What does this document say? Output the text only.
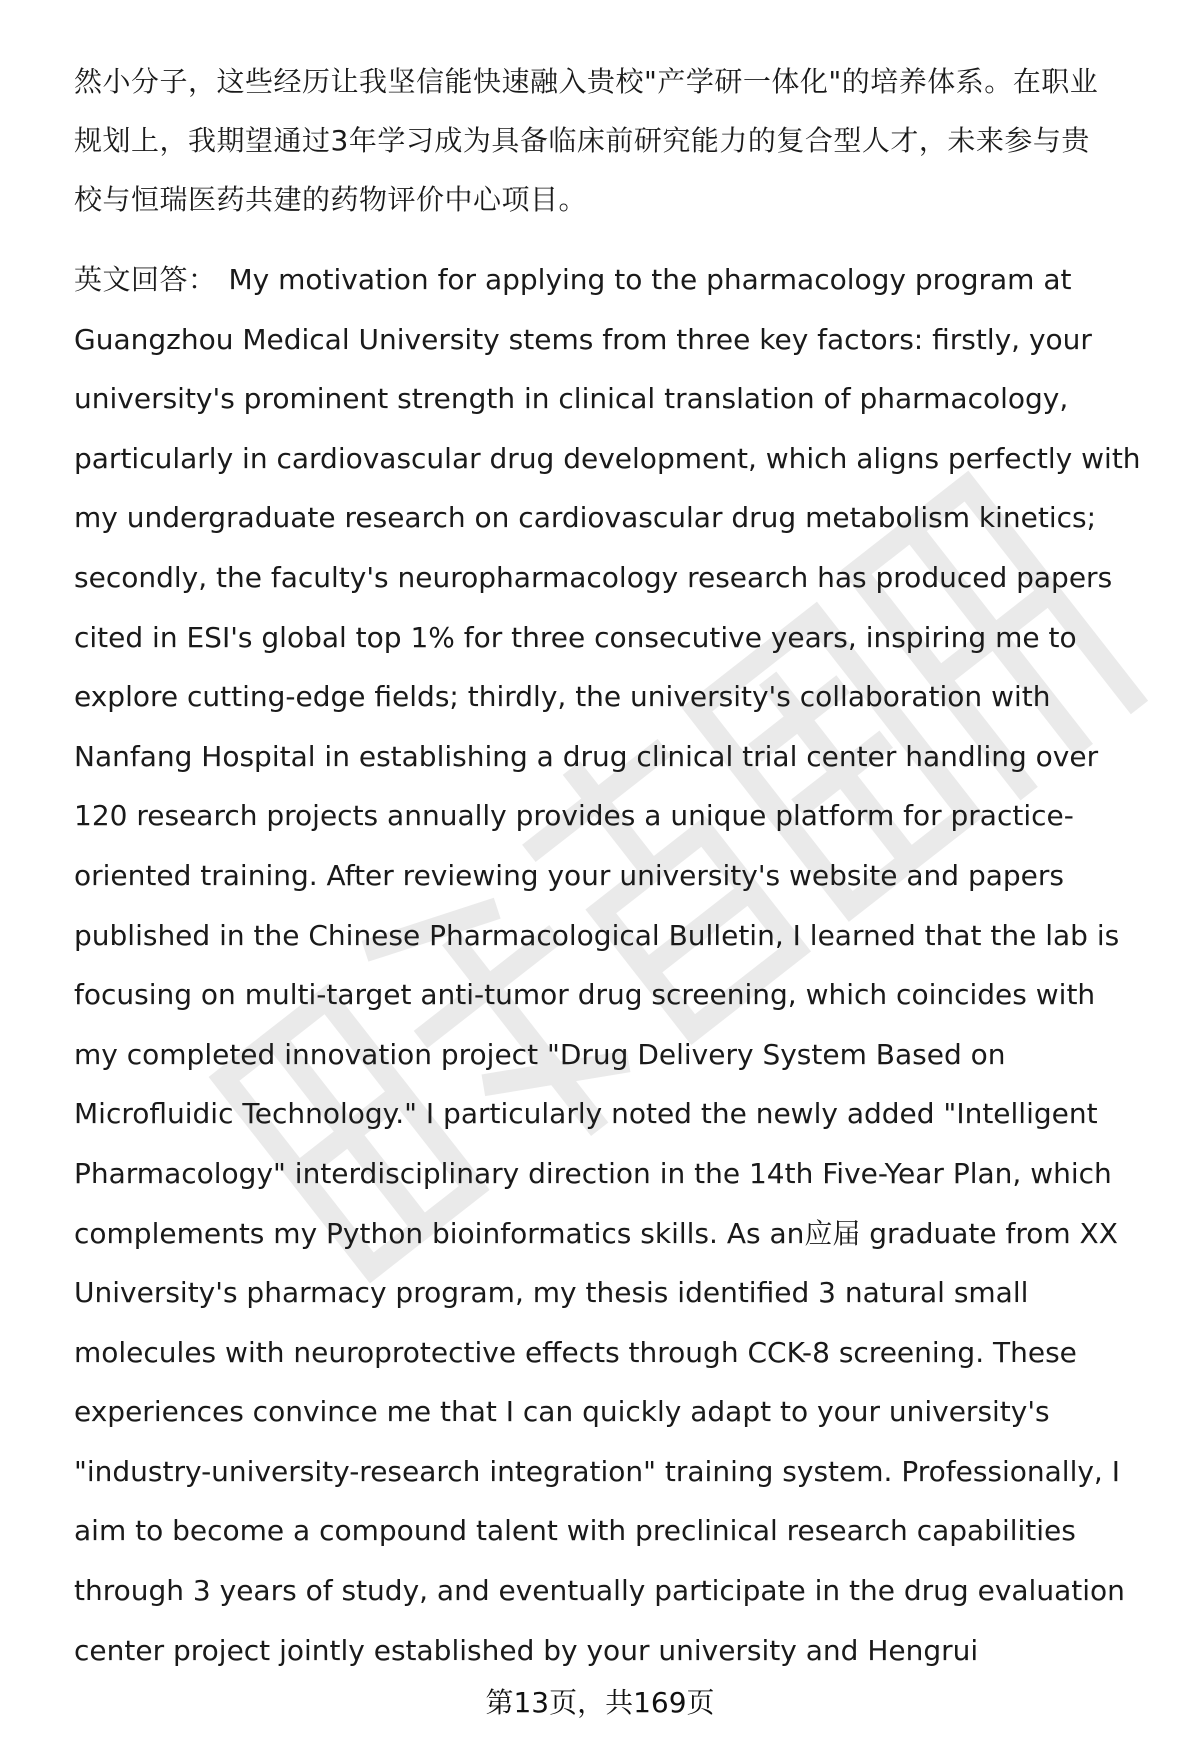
然小分子，这些经历让我坚信能快速融入贵校"产学研一体化"的培养体系。在职业
规划上，我期望通过3年学习成为具备临床前研究能力的复合型人才，未来参与贵
校与恒瑞医药共建的药物评价中心项目。

英文回答： My motivation for applying to the pharmacology program at
Guangzhou Medical University stems from three key factors: firstly, your
university's prominent strength in clinical translation of pharmacology,
particularly in cardiovascular drug development, which aligns perfectly with
my undergraduate research on cardiovascular drug metabolism kinetics;
secondly, the faculty's neuropharmacology research has produced papers
cited in ESI's global top 1% for three consecutive years, inspiring me to
explore cutting-edge fields; thirdly, the university's collaboration with
Nanfang Hospital in establishing a drug clinical trial center handling over
120 research projects annually provides a unique platform for practice-
oriented training. After reviewing your university's website and papers
published in the Chinese Pharmacological Bulletin, I learned that the lab is
focusing on multi-target anti-tumor drug screening, which coincides with
my completed innovation project "Drug Delivery System Based on
Microfluidic Technology." I particularly noted the newly added "Intelligent
Pharmacology" interdisciplinary direction in the 14th Five-Year Plan, which
complements my Python bioinformatics skills. As an应届 graduate from XX
University's pharmacy program, my thesis identified 3 natural small
molecules with neuroprotective effects through CCK-8 screening. These
experiences convince me that I can quickly adapt to your university's
"industry-university-research integration" training system. Professionally, I
aim to become a compound talent with preclinical research capabilities
through 3 years of study, and eventually participate in the drug evaluation
center project jointly established by your university and Hengrui

第13页，共169页
